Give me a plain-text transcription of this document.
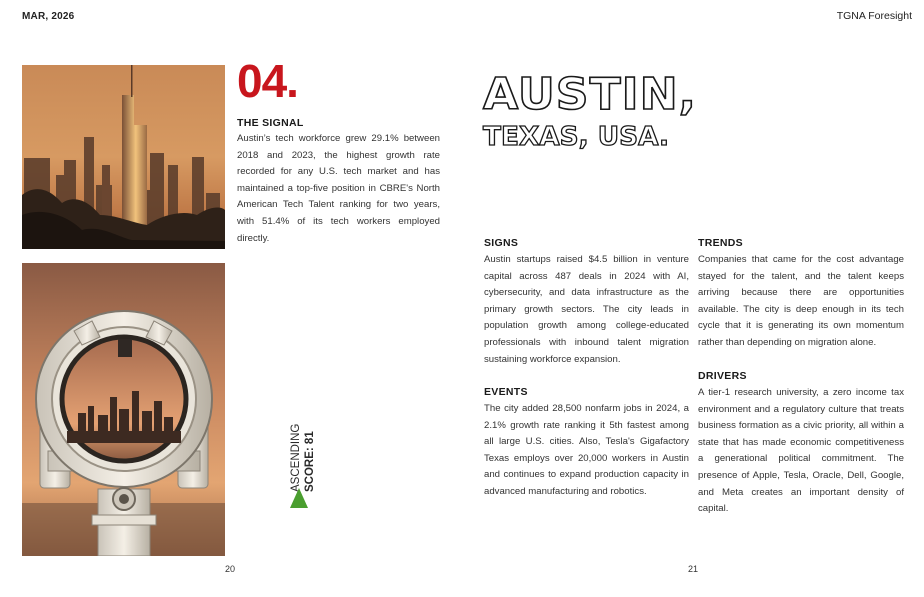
MAR, 2026	TGNA Foresight
04.
THE SIGNAL

Austin’s tech workforce grew 29.1% between 2018 and 2023, the highest growth rate recorded for any U.S. tech market and has maintained a top-five position in CBRE's North American Tech Talent ranking for two years, with 51.4% of its tech workers employed directly.

ASCENDING SCORE: 81
AUSTIN,
TEXAS, USA.
SIGNS

Austin startups raised $4.5 billion in venture capital across 487 deals in 2024 with AI, cybersecurity, and data infrastructure as the primary growth sectors. The city leads in population growth among college-educated professionals with inbound talent migration sustaining workforce expansion.

EVENTS

The city added 28,500 nonfarm jobs in 2024, a 2.1% growth rate ranking it 5th fastest among all large U.S. cities. Also, Tesla's Gigafactory Texas employs over 20,000 workers in Austin and continues to expand production capacity in advanced manufacturing and robotics.

TRENDS

Companies that came for the cost advantage stayed for the talent, and the talent keeps arriving because there are opportunities available. The city is deep enough in its tech cycle that it is generating its own momentum rather than depending on migration alone.

DRIVERS

A tier-1 research university, a zero income tax environment and a regulatory culture that treats business formation as a civic priority, all within a state that has made economic competitiveness a generational political commitment. The presence of Apple, Tesla, Oracle, Dell, Google, and Meta creates an important density of capital.

20	21
